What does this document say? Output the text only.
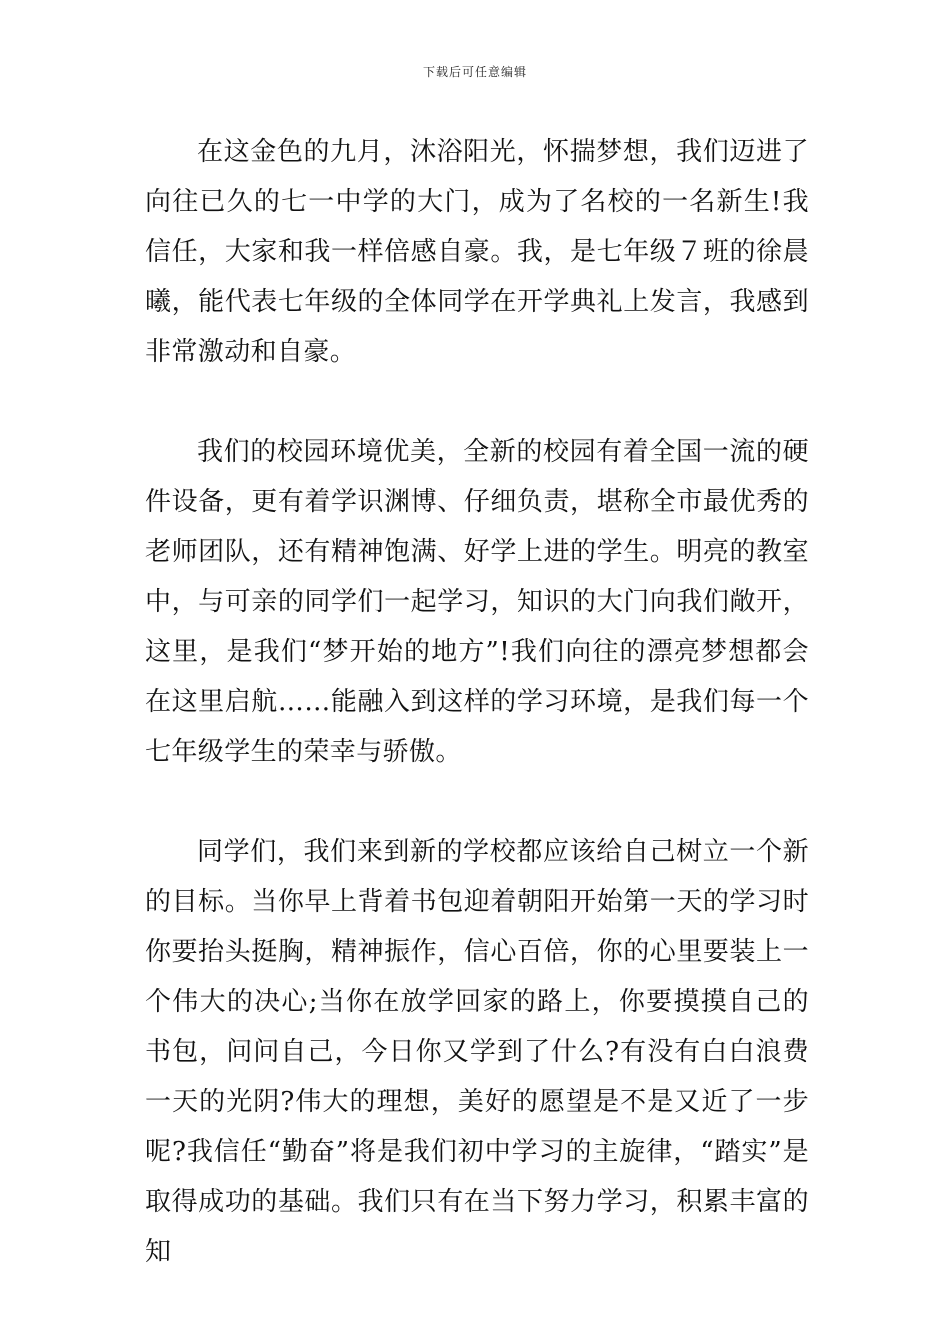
下载后可任意编辑

在这金色的九月，沐浴阳光，怀揣梦想，我们迈进了向往已久的七一中学的大门，成为了名校的一名新生!我信任，大家和我一样倍感自豪。我，是七年级７班的徐晨曦，能代表七年级的全体同学在开学典礼上发言，我感到非常激动和自豪。

我们的校园环境优美，全新的校园有着全国一流的硬件设备，更有着学识渊博、仔细负责，堪称全市最优秀的老师团队，还有精神饱满、好学上进的学生。明亮的教室中，与可亲的同学们一起学习，知识的大门向我们敞开，这里，是我们“梦开始的地方”!我们向往的漂亮梦想都会在这里启航……能融入到这样的学习环境，是我们每一个七年级学生的荣幸与骄傲。

同学们，我们来到新的学校都应该给自己树立一个新的目标。当你早上背着书包迎着朝阳开始第一天的学习时你要抬头挺胸，精神振作，信心百倍，你的心里要装上一个伟大的决心;当你在放学回家的路上，你要摸摸自己的书包，问问自己，今日你又学到了什么?有没有白白浪费一天的光阴?伟大的理想，美好的愿望是不是又近了一步呢?我信任“勤奋”将是我们初中学习的主旋律，“踏实”是取得成功的基础。我们只有在当下努力学习，积累丰富的知
